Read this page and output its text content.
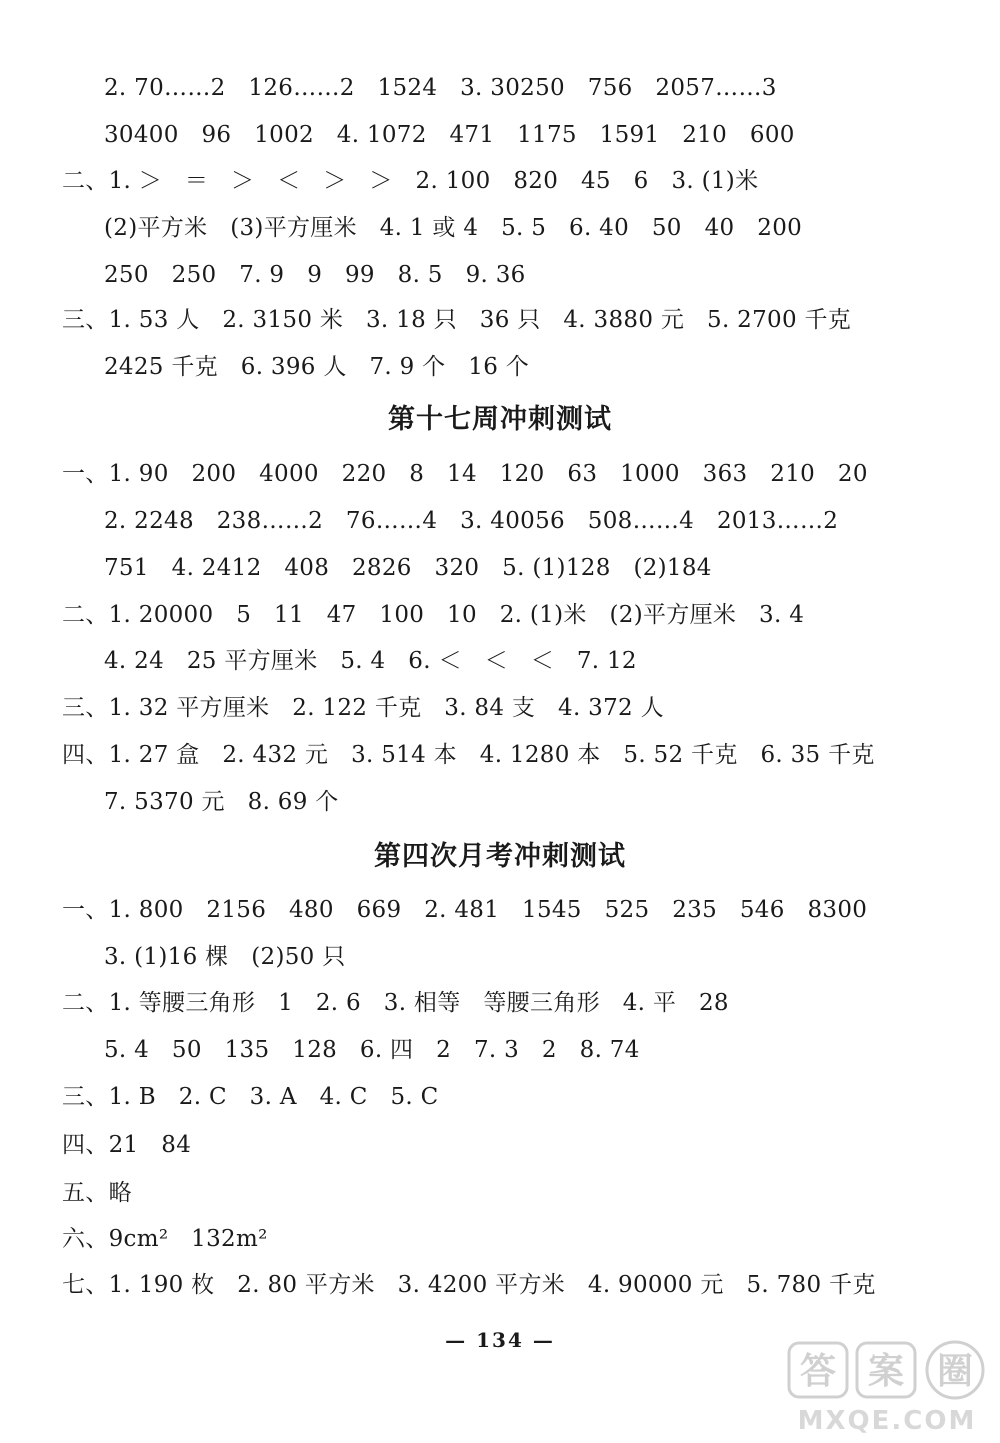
2. 70……2   126……2   1524   3. 30250   756   2057……3
30400   96   1002   4. 1072   471   1175   1591   210   600
二、1. ＞   ＝   ＞   ＜   ＞   ＞   2. 100   820   45   6   3. (1)米
(2)平方米   (3)平方厘米   4. 1 或 4   5. 5   6. 40   50   40   200
250   250   7. 9   9   99   8. 5   9. 36
三、1. 53 人   2. 3150 米   3. 18 只   36 只   4. 3880 元   5. 2700 千克
2425 千克   6. 396 人   7. 9 个   16 个
第十七周冲刺测试
一、1. 90   200   4000   220   8   14   120   63   1000   363   210   20
2. 2248   238……2   76……4   3. 40056   508……4   2013……2
751   4. 2412   408   2826   320   5. (1)128   (2)184
二、1. 20000   5   11   47   100   10   2. (1)米   (2)平方厘米   3. 4
4. 24   25 平方厘米   5. 4   6. ＜   ＜   ＜   7. 12
三、1. 32 平方厘米   2. 122 千克   3. 84 支   4. 372 人
四、1. 27 盒   2. 432 元   3. 514 本   4. 1280 本   5. 52 千克   6. 35 千克
7. 5370 元   8. 69 个
第四次月考冲刺测试
一、1. 800   2156   480   669   2. 481   1545   525   235   546   8300
3. (1)16 棵   (2)50 只
二、1. 等腰三角形   1   2. 6   3. 相等   等腰三角形   4. 平   28
5. 4   50   135   128   6. 四   2   7. 3   2   8. 74
三、1. B   2. C   3. A   4. C   5. C
四、21   84
五、略
六、9cm²   132m²
七、1. 190 枚   2. 80 平方米   3. 4200 平方米   4. 90000 元   5. 780 千克
— 134 —
答 案 圈
MXQE.COM
